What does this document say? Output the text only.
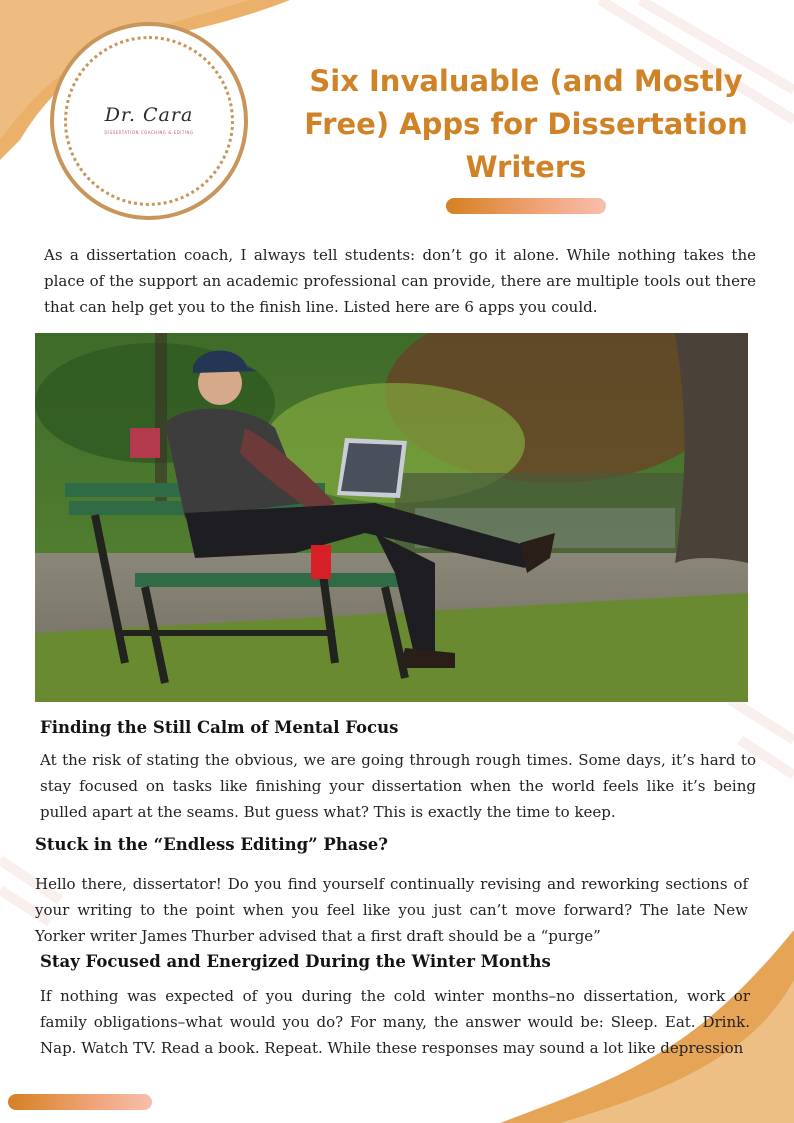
Dr. Cara
DISSERTATION COACHING & EDITING
Six Invaluable (and Mostly Free) Apps for Dissertation Writers

As a dissertation coach, I always tell students: don’t go it alone. While nothing takes the place of the support an academic professional can provide, there are multiple tools out there that can help get you to the finish line. Listed here are 6 apps you could.

Finding the Still Calm of Mental Focus

At the risk of stating the obvious, we are going through rough times. Some days, it’s hard to stay focused on tasks like finishing your dissertation when the world feels like it’s being pulled apart at the seams. But guess what? This is exactly the time to keep.

Stuck in the “Endless Editing” Phase?

Hello there, dissertator! Do you find yourself continually revising and reworking sections of your writing to the point when you feel like you just can’t move forward? The late New Yorker writer James Thurber advised that a first draft should be a “purge”

Stay Focused and Energized During the Winter Months

If nothing was expected of you during the cold winter months–no dissertation, work or family obligations–what would you do? For many, the answer would be: Sleep. Eat. Drink. Nap. Watch TV. Read a book. Repeat. While these responses may sound a lot like depression
